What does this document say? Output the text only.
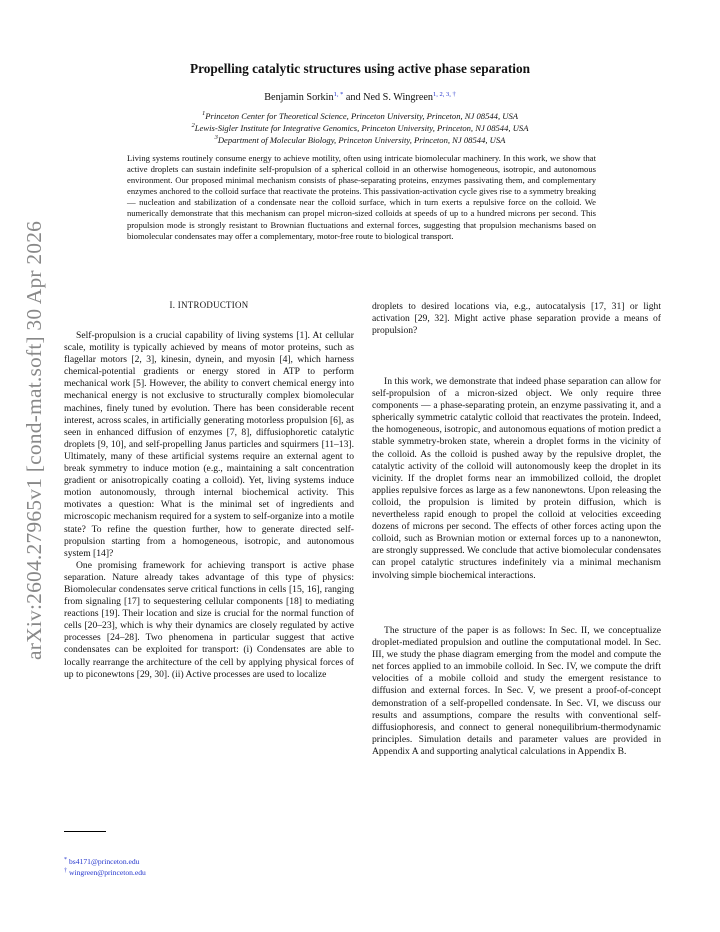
arXiv:2604.27965v1 [cond-mat.soft] 30 Apr 2026
Propelling catalytic structures using active phase separation
Benjamin Sorkin$^{1, *}$ and Ned S. Wingreen$^{1, 2, 3, \dagger}$
$^1$Princeton Center for Theoretical Science, Princeton University, Princeton, NJ 08544, USA
$^2$Lewis-Sigler Institute for Integrative Genomics, Princeton University, Princeton, NJ 08544, USA
$^3$Department of Molecular Biology, Princeton University, Princeton, NJ 08544, USA

Living systems routinely consume energy to achieve motility, often using intricate biomolecular machinery. In this work, we show that active droplets can sustain indefinite self-propulsion of a spherical colloid in an otherwise homogeneous, isotropic, and autonomous environment. Our proposed minimal mechanism consists of phase-separating proteins, enzymes passivating them, and complementary enzymes anchored to the colloid surface that reactivate the proteins. This passivation-activation cycle gives rise to a symmetry breaking — nucleation and stabilization of a condensate near the colloid surface, which in turn exerts a repulsive force on the colloid. We numerically demonstrate that this mechanism can propel micron-sized colloids at speeds of up to a hundred microns per second. This propulsion mode is strongly resistant to Brownian fluctuations and external forces, suggesting that propulsion mechanisms based on biomolecular condensates may offer a complementary, motor-free route to biological transport.

I. INTRODUCTION

Self-propulsion is a crucial capability of living systems [1]. At cellular scale, motility is typically achieved by means of motor proteins, such as flagellar motors [2, 3], kinesin, dynein, and myosin [4], which harness chemical-potential gradients or energy stored in ATP to perform mechanical work [5]. However, the ability to convert chemical energy into mechanical energy is not exclusive to structurally complex biomolecular machines, finely tuned by evolution. There has been considerable recent interest, across scales, in artificially generating motorless propulsion [6], as seen in enhanced diffusion of enzymes [7, 8], diffusiophoretic catalytic droplets [9, 10], and self-propelling Janus particles and squirmers [11–13]. Ultimately, many of these artificial systems require an external agent to break symmetry to induce motion (e.g., maintaining a salt concentration gradient or anisotropically coating a colloid). Yet, living systems induce motion autonomously, through internal biochemical activity. This motivates a question: What is the minimal set of ingredients and microscopic mechanism required for a system to self-organize into a motile state? To refine the question further, how to generate directed self-propulsion starting from a homogeneous, isotropic, and autonomous system [14]?

One promising framework for achieving transport is active phase separation. Nature already takes advantage of this type of physics: Biomolecular condensates serve critical functions in cells [15, 16], ranging from signaling [17] to sequestering cellular components [18] to mediating reactions [19]. Their location and size is crucial for the normal function of cells [20–23], which is why their dynamics are closely regulated by active processes [24–28]. Two phenomena in particular suggest that active condensates can be exploited for transport: (i) Condensates are able to locally rearrange the architecture of the cell by applying physical forces of up to piconewtons [29, 30]. (ii) Active processes are used to localize

droplets to desired locations via, e.g., autocatalysis [17, 31] or light activation [29, 32]. Might active phase separation provide a means of propulsion?

In this work, we demonstrate that indeed phase separation can allow for self-propulsion of a micron-sized object. We only require three components — a phase-separating protein, an enzyme passivating it, and a spherically symmetric catalytic colloid that reactivates the protein. Indeed, the homogeneous, isotropic, and autonomous equations of motion predict a stable symmetry-broken state, wherein a droplet forms in the vicinity of the colloid. As the colloid is pushed away by the repulsive droplet, the catalytic activity of the colloid will autonomously keep the droplet in its vicinity. If the droplet forms near an immobilized colloid, the droplet applies repulsive forces as large as a few nanonewtons. Upon releasing the colloid, the propulsion is limited by protein diffusion, which is nevertheless rapid enough to propel the colloid at velocities exceeding dozens of microns per second. The effects of other forces acting upon the colloid, such as Brownian motion or external forces up to a nanonewton, are strongly suppressed. We conclude that active biomolecular condensates can propel catalytic structures indefinitely via a minimal mechanism involving simple biochemical interactions.

The structure of the paper is as follows: In Sec. II, we conceptualize droplet-mediated propulsion and outline the computational model. In Sec. III, we study the phase diagram emerging from the model and compute the net forces applied to an immobile colloid. In Sec. IV, we compute the drift velocities of a mobile colloid and study the emergent resistance to diffusion and external forces. In Sec. V, we present a proof-of-concept demonstration of a self-propelled condensate. In Sec. VI, we discuss our results and assumptions, compare the results with conventional self-diffusiophoresis, and connect to general nonequilibrium-thermodynamic principles. Simulation details and parameter values are provided in Appendix A and supporting analytical calculations in Appendix B.

* bs4171@princeton.edu
† wingreen@princeton.edu
